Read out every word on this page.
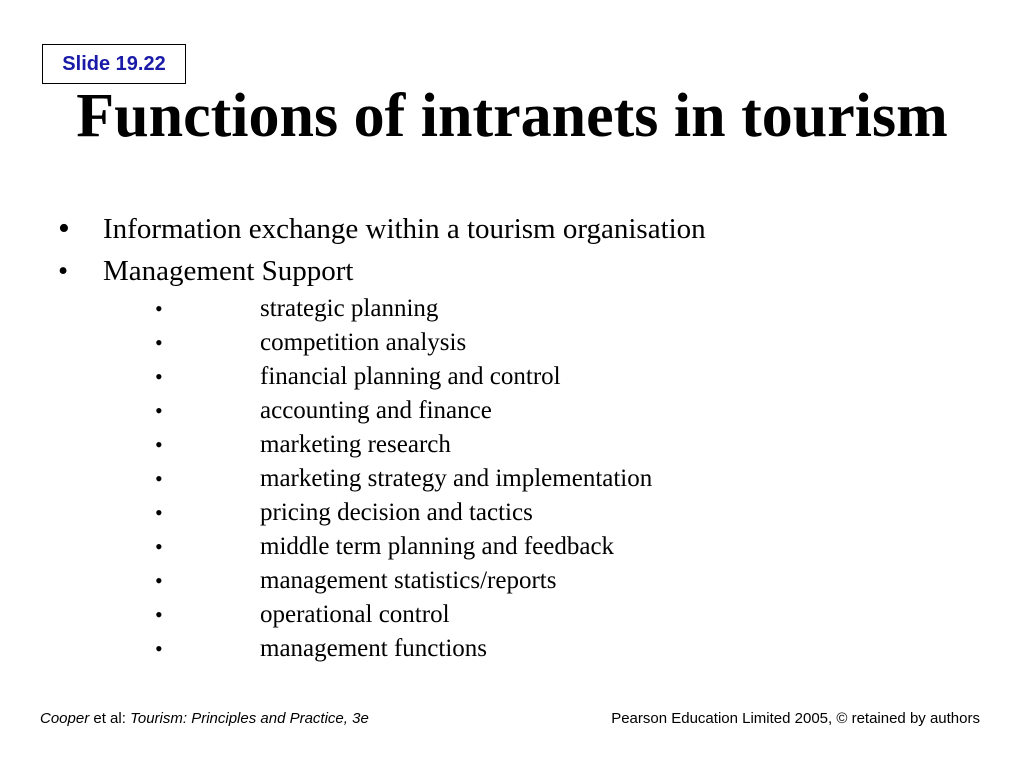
Slide 19.22
Functions of intranets in tourism
• Information exchange within a tourism organisation
• Management Support
•	strategic planning
•	competition analysis
•	financial planning and control
•	accounting and finance
•	marketing research
•	marketing strategy and implementation
•	pricing decision and tactics
•	middle term planning and feedback
•	management statistics/reports
•	operational control
•	management functions
Cooper et al: Tourism: Principles and Practice, 3e	Pearson Education Limited 2005, © retained by authors
